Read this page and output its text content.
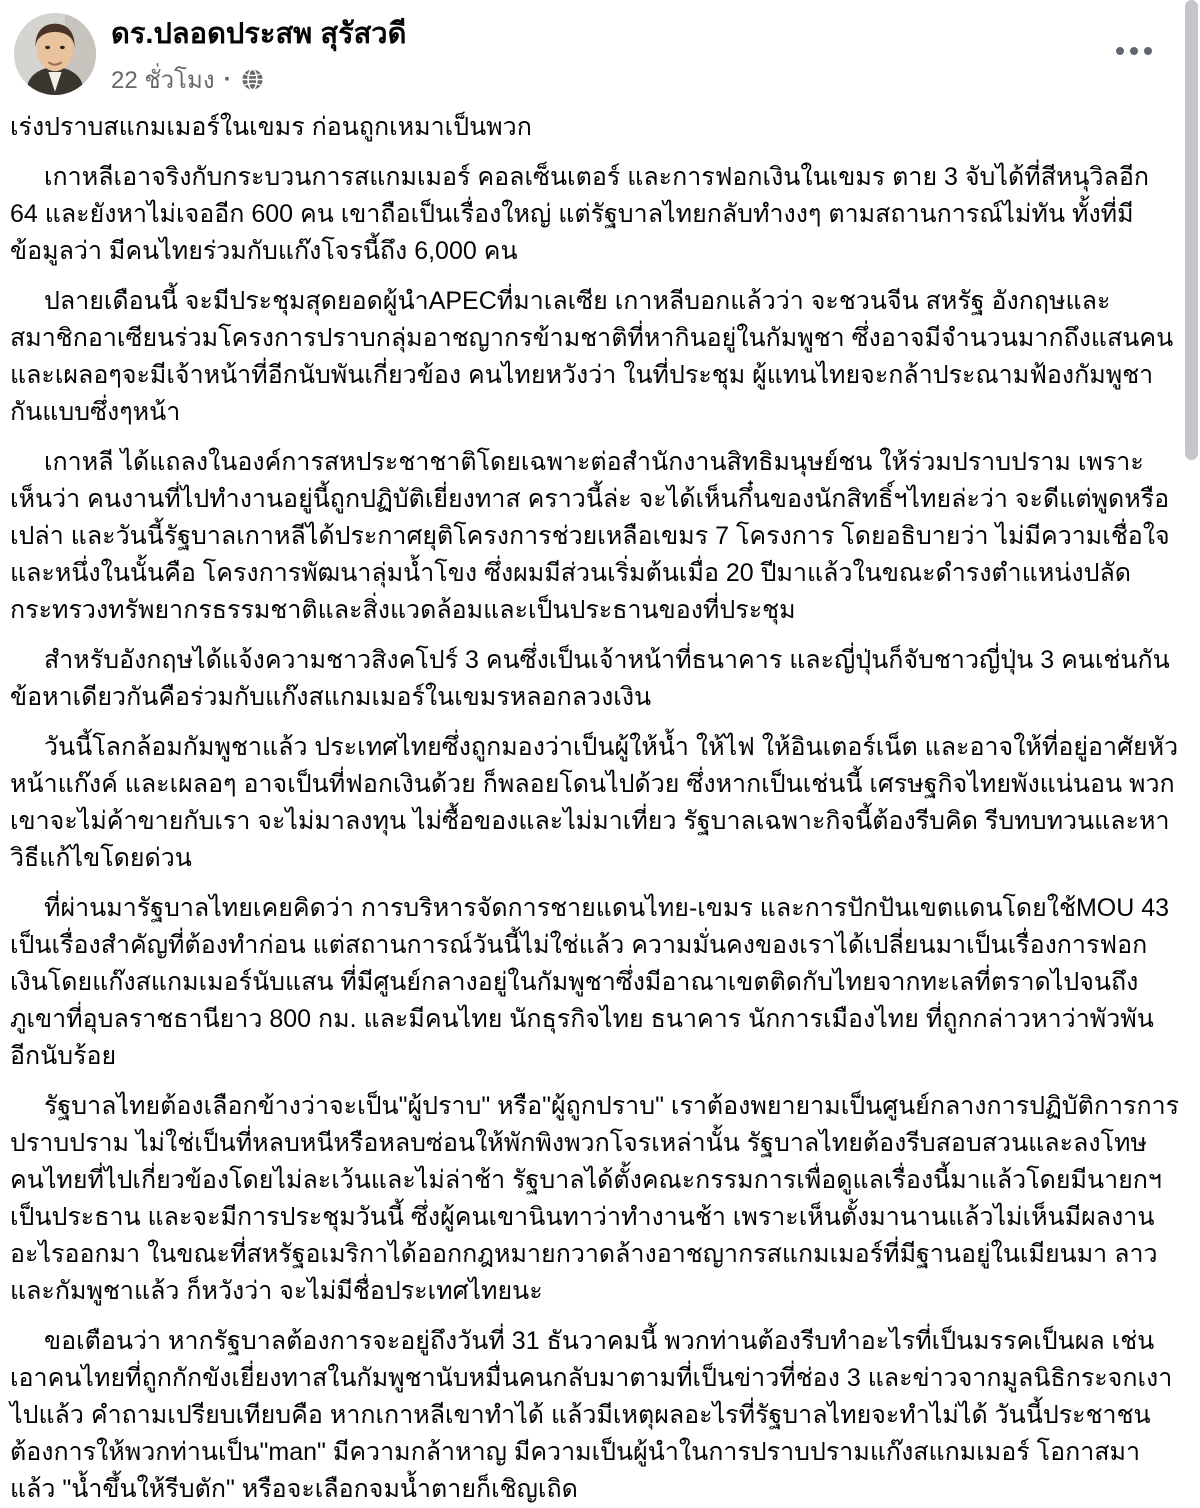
ดร.ปลอดประสพ สุรัสวดี
22 ชั่วโมง ·

เร่งปราบสแกมเมอร์ในเขมร ก่อนถูกเหมาเป็นพวก

เกาหลีเอาจริงกับกระบวนการสแกมเมอร์ คอลเซ็นเตอร์ และการฟอกเงินในเขมร ตาย 3 จับได้ที่สีหนุวิลอีก 64 และยังหาไม่เจออีก 600 คน เขาถือเป็นเรื่องใหญ่ แต่รัฐบาลไทยกลับทำงงๆ ตามสถานการณ์ไม่ทัน ทั้งที่มีข้อมูลว่า มีคนไทยร่วมกับแก๊งโจรนี้ถึง 6,000 คน

ปลายเดือนนี้ จะมีประชุมสุดยอดผู้นำAPECที่มาเลเซีย เกาหลีบอกแล้วว่า จะชวนจีน สหรัฐ อังกฤษและสมาชิกอาเซียนร่วมโครงการปราบกลุ่มอาชญากรข้ามชาติที่หากินอยู่ในกัมพูชา ซึ่งอาจมีจำนวนมากถึงแสนคน และเผลอๆจะมีเจ้าหน้าที่อีกนับพันเกี่ยวข้อง คนไทยหวังว่า ในที่ประชุม ผู้แทนไทยจะกล้าประณามฟ้องกัมพูชากันแบบซึ่งๆหน้า

เกาหลี ได้แถลงในองค์การสหประชาชาติโดยเฉพาะต่อสำนักงานสิทธิมนุษย์ชน ให้ร่วมปราบปราม เพราะเห็นว่า คนงานที่ไปทำงานอยู่นี้ถูกปฏิบัติเยี่ยงทาส คราวนี้ล่ะ จะได้เห็นกึ๋นของนักสิทธิ์ฯไทยล่ะว่า จะดีแต่พูดหรือเปล่า และวันนี้รัฐบาลเกาหลีได้ประกาศยุติโครงการช่วยเหลือเขมร 7 โครงการ โดยอธิบายว่า ไม่มีความเชื่อใจ และหนึ่งในนั้นคือ โครงการพัฒนาลุ่มน้ำโขง ซึ่งผมมีส่วนเริ่มต้นเมื่อ 20 ปีมาแล้วในขณะดำรงตำแหน่งปลัดกระทรวงทรัพยากรธรรมชาติและสิ่งแวดล้อมและเป็นประธานของที่ประชุม

สำหรับอังกฤษได้แจ้งความชาวสิงคโปร์ 3 คนซึ่งเป็นเจ้าหน้าที่ธนาคาร และญี่ปุ่นก็จับชาวญี่ปุ่น 3 คนเช่นกัน ข้อหาเดียวกันคือร่วมกับแก๊งสแกมเมอร์ในเขมรหลอกลวงเงิน

วันนี้โลกล้อมกัมพูชาแล้ว ประเทศไทยซึ่งถูกมองว่าเป็นผู้ให้น้ำ ให้ไฟ ให้อินเตอร์เน็ต และอาจให้ที่อยู่อาศัยหัวหน้าแก๊งค์ และเผลอๆ อาจเป็นที่ฟอกเงินด้วย ก็พลอยโดนไปด้วย ซึ่งหากเป็นเช่นนี้ เศรษฐกิจไทยพังแน่นอน พวกเขาจะไม่ค้าขายกับเรา จะไม่มาลงทุน ไม่ซื้อของและไม่มาเที่ยว รัฐบาลเฉพาะกิจนี้ต้องรีบคิด รีบทบทวนและหาวิธีแก้ไขโดยด่วน

ที่ผ่านมารัฐบาลไทยเคยคิดว่า การบริหารจัดการชายแดนไทย-เขมร และการปักปันเขตแดนโดยใช้MOU 43 เป็นเรื่องสำคัญที่ต้องทำก่อน แต่สถานการณ์วันนี้ไม่ใช่แล้ว ความมั่นคงของเราได้เปลี่ยนมาเป็นเรื่องการฟอกเงินโดยแก๊งสแกมเมอร์นับแสน ที่มีศูนย์กลางอยู่ในกัมพูชาซึ่งมีอาณาเขตติดกับไทยจากทะเลที่ตราดไปจนถึงภูเขาที่อุบลราชธานียาว 800 กม. และมีคนไทย นักธุรกิจไทย ธนาคาร นักการเมืองไทย ที่ถูกกล่าวหาว่าพัวพันอีกนับร้อย

รัฐบาลไทยต้องเลือกข้างว่าจะเป็น"ผู้ปราบ" หรือ"ผู้ถูกปราบ" เราต้องพยายามเป็นศูนย์กลางการปฏิบัติการการปราบปราม ไม่ใช่เป็นที่หลบหนีหรือหลบซ่อนให้พักพิงพวกโจรเหล่านั้น รัฐบาลไทยต้องรีบสอบสวนและลงโทษคนไทยที่ไปเกี่ยวข้องโดยไม่ละเว้นและไม่ล่าช้า รัฐบาลได้ตั้งคณะกรรมการเพื่อดูแลเรื่องนี้มาแล้วโดยมีนายกฯ เป็นประธาน และจะมีการประชุมวันนี้ ซึ่งผู้คนเขานินทาว่าทำงานช้า เพราะเห็นตั้งมานานแล้วไม่เห็นมีผลงานอะไรออกมา ในขณะที่สหรัฐอเมริกาได้ออกกฎหมายกวาดล้างอาชญากรสแกมเมอร์ที่มีฐานอยู่ในเมียนมา ลาว และกัมพูชาแล้ว ก็หวังว่า จะไม่มีชื่อประเทศไทยนะ

ขอเตือนว่า หากรัฐบาลต้องการจะอยู่ถึงวันที่ 31 ธันวาคมนี้ พวกท่านต้องรีบทำอะไรที่เป็นมรรคเป็นผล เช่น เอาคนไทยที่ถูกกักขังเยี่ยงทาสในกัมพูชานับหมื่นคนกลับมาตามที่เป็นข่าวที่ช่อง 3 และข่าวจากมูลนิธิกระจกเงาไปแล้ว คำถามเปรียบเทียบคือ หากเกาหลีเขาทำได้ แล้วมีเหตุผลอะไรที่รัฐบาลไทยจะทำไม่ได้ วันนี้ประชาชนต้องการให้พวกท่านเป็น"man" มีความกล้าหาญ มีความเป็นผู้นำในการปราบปรามแก๊งสแกมเมอร์ โอกาสมาแล้ว "น้ำขึ้นให้รีบตัก" หรือจะเลือกจมน้ำตายก็เชิญเถิด
